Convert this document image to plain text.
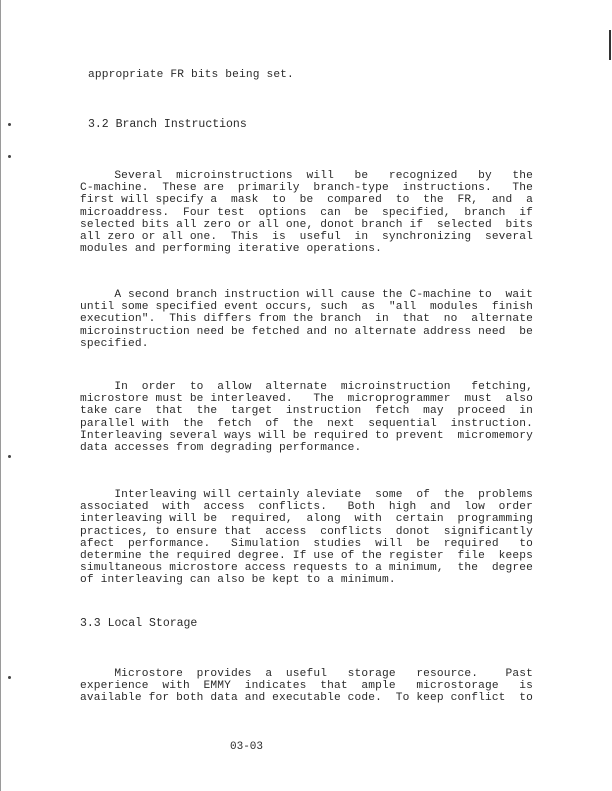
appropriate FR bits being set.
3.2 Branch Instructions
Several  microinstructions  will   be   recognized   by   the
C-machine.  These are  primarily  branch-type  instructions.   The
first will specify a  mask  to  be  compared  to  the  FR,  and  a
microaddress.  Four test  options  can  be  specified,  branch  if
selected bits all zero or all one, donot branch if  selected  bits
all zero or all one.  This  is  useful  in  synchronizing  several
modules and performing iterative operations.
A second branch instruction will cause the C-machine to  wait
until some specified event occurs, such  as  "all  modules  finish
execution".  This differs from the branch  in  that  no  alternate
microinstruction need be fetched and no alternate address need  be
specified.
In  order  to  allow  alternate  microinstruction   fetching,
microstore must be interleaved.   The  microprogrammer  must  also
take care  that  the  target  instruction  fetch  may  proceed  in
parallel with  the  fetch  of  the  next  sequential  instruction.
Interleaving several ways will be required to prevent  micromemory
data accesses from degrading performance.
Interleaving will certainly aleviate  some  of  the  problems
associated  with  access  conflicts.   Both  high  and  low  order
interleaving will be  required,  along  with  certain  programming
practices, to ensure that  access  conflicts  donot  significantly
afect  performance.   Simulation  studies  will  be  required   to
determine the required degree. If use of the register  file  keeps
simultaneous microstore access requests to a minimum,  the  degree
of interleaving can also be kept to a minimum.
3.3 Local Storage
Microstore  provides  a  useful   storage   resource.    Past
experience  with  EMMY  indicates  that  ample   microstorage   is
available for both data and executable code.  To keep conflict  to
03-03
